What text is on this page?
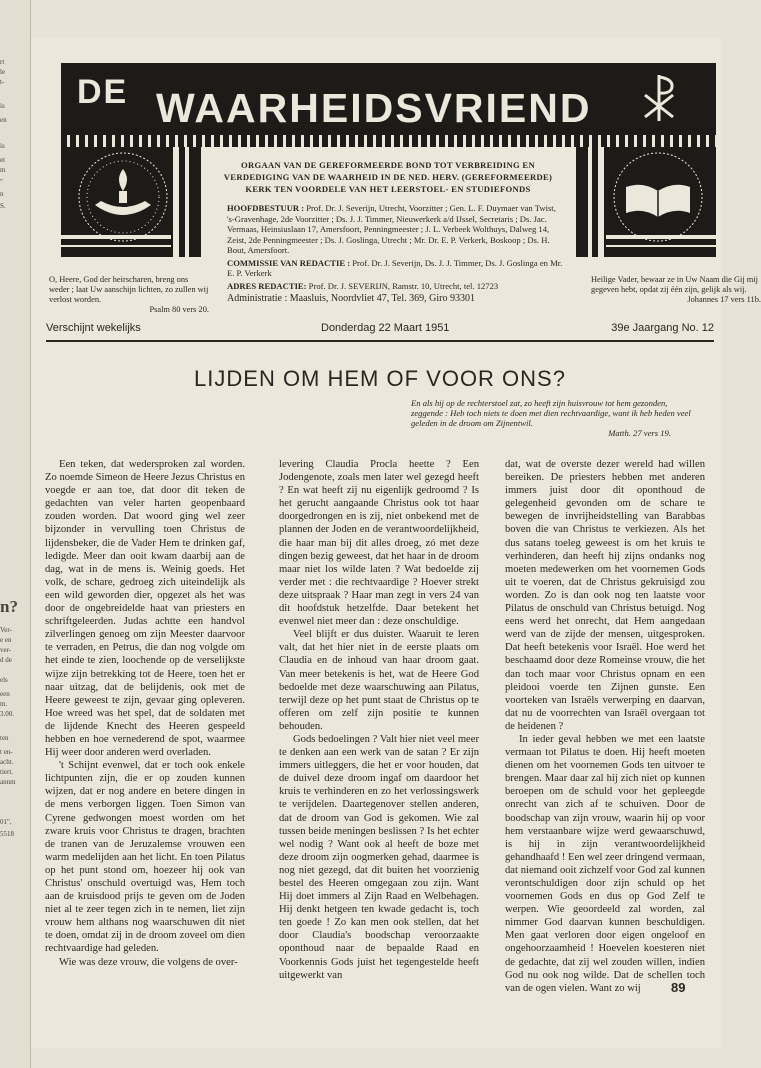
rt
le
t-
is
en
is
et
m
"
n
S.
n?
Ver-
e en
ver-
d de
els
een
m.
3.00.
ten
t en-
acht.
tiert.
annm
01",
5518
DE WAARHEIDSVRIEND

ORGAAN VAN DE GEREFORMEERDE BOND TOT VERBREIDING EN VERDEDIGING VAN DE WAARHEID IN DE NED. HERV. (GEREFORMEERDE) KERK TEN VOORDELE VAN HET LEERSTOEL- EN STUDIEFONDS

HOOFDBESTUUR : Prof. Dr. J. Severijn, Utrecht, Voorzitter ; Gen. L. F. Duymaer van Twist, 's-Gravenhage, 2de Voorzitter ; Ds. J. J. Timmer, Nieuwerkerk a/d IJssel, Secretaris ; Ds. Jac. Vermaas, Heinsiuslaan 17, Amersfoort, Penningmeester ; J. L. Verbeek Wolthuys, Dalweg 14, Zeist, 2de Penningmeester ; Ds. J. Goslinga, Utrecht ; Mr. Dr. E. P. Verkerk, Boskoop ; Ds. H. Bout, Amersfoort.

COMMISSIE VAN REDACTIE : Prof. Dr. J. Severijn, Ds. J. J. Timmer, Ds. J. Goslinga en Mr. E. P. Verkerk

ADRES REDACTIE: Prof. Dr. J. SEVERIJN, Ramstr. 10, Utrecht, tel. 12723

Administratie : Maasluis, Noordvliet 47, Tel. 369, Giro 93301

O, Heere, God der heirscharen, breng ons weder ; laat Uw aanschijn lichten, zo zullen wij verlost worden.
Psalm 80 vers 20.
Heilige Vader, bewaar ze in Uw Naam die Gij mij gegeven hebt, opdat zij één zijn, gelijk als wij.
Johannes 17 vers 11b.
Verschijnt wekelijks	Donderdag 22 Maart 1951	39e Jaargang No. 12
LIJDEN OM HEM OF VOOR ONS?
En als hij op de rechterstoel zat, zo heeft zijn huisvrouw tot hem gezonden, zeggende : Heb toch niets te doen met dien rechtvaardige, want ik heb heden veel geleden in de droom om Zijnentwil.
Matth. 27 vers 19.

Een teken, dat wedersproken zal worden. Zo noemde Simeon de Heere Jezus Christus en voegde er aan toe, dat door dit teken de gedachten van veler harten geopenbaard zouden worden. Dat woord ging wel zeer bijzonder in vervulling toen Christus de lijdensbeker, die de Vader Hem te drinken gaf, ledigde. Meer dan ooit kwam daarbij aan de dag, wat in de mens is. Weinig goeds. Het volk, de schare, gedroeg zich uiteindelijk als een wild geworden dier, opgezet als het was door de ongebreidelde haat van priesters en schriftgeleerden. Judas achtte een handvol zilverlingen genoeg om zijn Meester daarvoor te verraden, en Petrus, die dan nog volgde om het einde te zien, loochende op de verselijkste wijze zijn betrekking tot de Heere, toen het er naar uitzag, dat de belijdenis, ook met de Heere geweest te zijn, gevaar ging opleveren. Hoe wreed was het spel, dat de soldaten met de lijdende Knecht des Heeren gespeeld hebben en hoe vernederend de spot, waarmee Hij weer door anderen werd overladen.

't Schijnt evenwel, dat er toch ook enkele lichtpunten zijn, die er op zouden kunnen wijzen, dat er nog andere en betere dingen in de mens verborgen liggen. Toen Simon van Cyrene gedwongen moest worden om het zware kruis voor Christus te dragen, brachten de tranen van de Jeruzalemse vrouwen een warm medelijden aan het licht. En toen Pilatus op het punt stond om, hoezeer hij ook van Christus' onschuld overtuigd was, Hem toch aan de kruisdood prijs te geven om de Joden niet al te zeer tegen zich in te nemen, liet zijn vrouw hem althans nog waarschuwen dit niet te doen, omdat zij in de droom zoveel om dien rechtvaardige had geleden.

Wie was deze vrouw, die volgens de over-

levering Claudia Procla heette ? Een Jodengenote, zoals men later wel gezegd heeft ? En wat heeft zij nu eigenlijk gedroomd ? Is het gerucht aangaande Christus ook tot haar doorgedrongen en is zij, niet onbekend met de plannen der Joden en de verantwoordelijkheid, die haar man bij dit alles droeg, zó met deze dingen bezig geweest, dat het haar in de droom maar niet los wilde laten ? Wat bedoelde zij verder met : die rechtvaardige ? Hoever strekt deze uitspraak ? Haar man zegt in vers 24 van dit hoofdstuk hetzelfde. Daar betekent het evenwel niet meer dan : deze onschuldige.

Veel blijft er dus duister. Waaruit te leren valt, dat het hier niet in de eerste plaats om Claudia en de inhoud van haar droom gaat. Van meer betekenis is het, wat de Heere God bedoelde met deze waarschuwing aan Pilatus, terwijl deze op het punt staat de Christus op te offeren om zelf zijn positie te kunnen behouden.

Gods bedoelingen ? Valt hier niet veel meer te denken aan een werk van de satan ? Er zijn immers uitleggers, die het er voor houden, dat de duivel deze droom ingaf om daardoor het kruis te verhinderen en zo het verlossingswerk te verijdelen. Daartegenover stellen anderen, dat de droom van God is gekomen. Wie zal tussen beide meningen beslissen ? Is het echter wel nodig ? Want ook al heeft de boze met deze droom zijn oogmerken gehad, daarmee is nog niet gezegd, dat dit buiten het voorzienig bestel des Heeren omgegaan zou zijn. Want Hij doet immers al Zijn Raad en Welbehagen. Hij denkt hetgeen ten kwade gedacht is, toch ten goede ! Zo kan men ook stellen, dat het door Claudia's boodschap veroorzaakte oponthoud naar de bepaalde Raad en Voorkennis Gods juist het tegengestelde heeft uitgewerkt van

dat, wat de overste dezer wereld had willen bereiken. De priesters hebben met anderen immers juist door dit oponthoud de gelegenheid gevonden om de schare te bewegen de invrijheidstelling van Barabbas boven die van Christus te verkiezen. Als het dus satans toeleg geweest is om het kruis te verhinderen, dan heeft hij zijns ondanks nog moeten medewerken om het voornemen Gods uit te voeren, dat de Christus gekruisigd zou worden. Zo is dan ook nog ten laatste voor Pilatus de onschuld van Christus betuigd. Nog eens werd het onrecht, dat Hem aangedaan werd van de zijde der mensen, uitgesproken. Dat heeft betekenis voor Israël. Hoe werd het beschaamd door deze Romeinse vrouw, die het dan toch maar voor Christus opnam en een pleidooi voerde ten Zijnen gunste. Een voorteken van Israëls verwerping en daarvan, dat nu de voorrechten van Israël overgaan tot de heidenen ?

In ieder geval hebben we met een laatste vermaan tot Pilatus te doen. Hij heeft moeten dienen om het voornemen Gods ten uitvoer te brengen. Maar daar zal hij zich niet op kunnen beroepen om de schuld voor het gepleegde onrecht van zich af te schuiven. Door de boodschap van zijn vrouw, waarin hij op voor hem verstaanbare wijze werd gewaarschuwd, is hij in zijn verantwoordelijkheid gehandhaafd ! Een wel zeer dringend vermaan, dat niemand ooit zichzelf voor God zal kunnen verontschuldigen door zijn schuld op het voornemen Gods en dus op God Zelf te werpen. Wie geoordeeld zal worden, zal nimmer God daarvan kunnen beschuldigen. Men gaat verloren door eigen ongeloof en ongehoorzaamheid ! Hoevelen koesteren niet de gedachte, dat zij wel zouden willen, indien God nu ook nog wilde. Dat de schellen toch van de ogen vielen. Want zo wij	89
